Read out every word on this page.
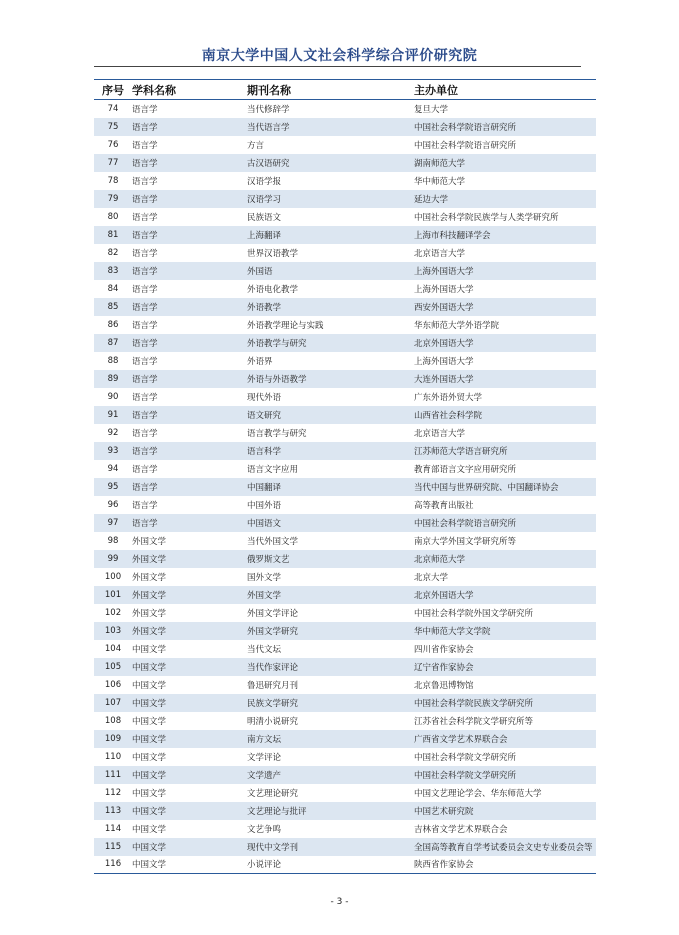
南京大学中国人文社会科学综合评价研究院
序号	学科名称	期刊名称	主办单位
74	语言学	当代修辞学	复旦大学
75	语言学	当代语言学	中国社会科学院语言研究所
76	语言学	方言	中国社会科学院语言研究所
77	语言学	古汉语研究	湖南师范大学
78	语言学	汉语学报	华中师范大学
79	语言学	汉语学习	延边大学
80	语言学	民族语文	中国社会科学院民族学与人类学研究所
81	语言学	上海翻译	上海市科技翻译学会
82	语言学	世界汉语教学	北京语言大学
83	语言学	外国语	上海外国语大学
84	语言学	外语电化教学	上海外国语大学
85	语言学	外语教学	西安外国语大学
86	语言学	外语教学理论与实践	华东师范大学外语学院
87	语言学	外语教学与研究	北京外国语大学
88	语言学	外语界	上海外国语大学
89	语言学	外语与外语教学	大连外国语大学
90	语言学	现代外语	广东外语外贸大学
91	语言学	语文研究	山西省社会科学院
92	语言学	语言教学与研究	北京语言大学
93	语言学	语言科学	江苏师范大学语言研究所
94	语言学	语言文字应用	教育部语言文字应用研究所
95	语言学	中国翻译	当代中国与世界研究院、中国翻译协会
96	语言学	中国外语	高等教育出版社
97	语言学	中国语文	中国社会科学院语言研究所
98	外国文学	当代外国文学	南京大学外国文学研究所等
99	外国文学	俄罗斯文艺	北京师范大学
100	外国文学	国外文学	北京大学
101	外国文学	外国文学	北京外国语大学
102	外国文学	外国文学评论	中国社会科学院外国文学研究所
103	外国文学	外国文学研究	华中师范大学文学院
104	中国文学	当代文坛	四川省作家协会
105	中国文学	当代作家评论	辽宁省作家协会
106	中国文学	鲁迅研究月刊	北京鲁迅博物馆
107	中国文学	民族文学研究	中国社会科学院民族文学研究所
108	中国文学	明清小说研究	江苏省社会科学院文学研究所等
109	中国文学	南方文坛	广西省文学艺术界联合会
110	中国文学	文学评论	中国社会科学院文学研究所
111	中国文学	文学遗产	中国社会科学院文学研究所
112	中国文学	文艺理论研究	中国文艺理论学会、华东师范大学
113	中国文学	文艺理论与批评	中国艺术研究院
114	中国文学	文艺争鸣	吉林省文学艺术界联合会
115	中国文学	现代中文学刊	全国高等教育自学考试委员会文史专业委员会等
116	中国文学	小说评论	陕西省作家协会
- 3 -
